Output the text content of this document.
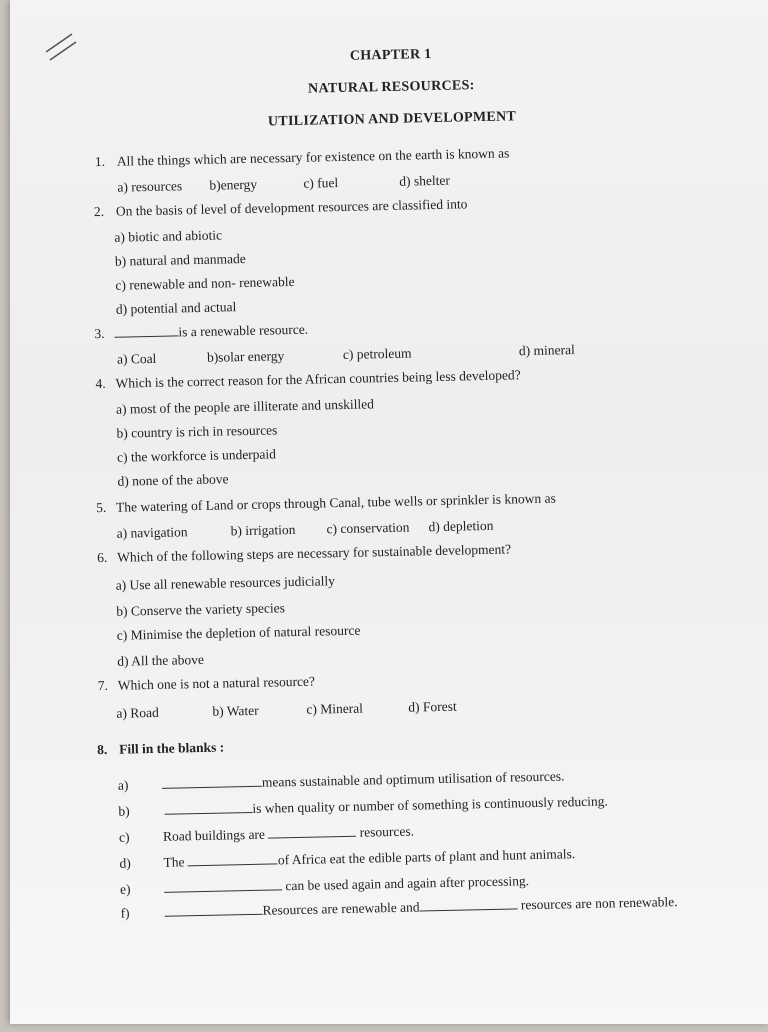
CHAPTER 1
NATURAL RESOURCES:
UTILIZATION AND DEVELOPMENT
1. All the things which are necessary for existence on the earth is known as
a) resources b)energy	c) fuel	d) shelter
2. On the basis of level of development resources are classified into
a) biotic and abiotic
b) natural and manmade
c) renewable and non- renewable
d) potential and actual
3.	is a renewable resource.
a) Coal	b)solar energy	c) petroleum	d) mineral
4. Which is the correct reason for the African countries being less developed?
a) most of the people are illiterate and unskilled
b) country is rich in resources
c) the workforce is underpaid
d) none of the above
5. The watering of Land or crops through Canal, tube wells or sprinkler is known as
a) navigation	b) irrigation c) conservation d) depletion
6. Which of the following steps are necessary for sustainable development?
a) Use all renewable resources judicially
b) Conserve the variety species
c) Minimise the depletion of natural resource
d) All the above
7. Which one is not a natural resource?
a) Road	b) Water	c) Mineral	d) Forest
8. Fill in the blanks :
a)	means sustainable and optimum utilisation of resources.
b)	is when quality or number of something is continuously reducing.
c) Road buildings are	resources.
d) The	of Africa eat the edible parts of plant and hunt animals.
e)	can be used again and again after processing.
f)	Resources are renewable and	resources are non renewable.
